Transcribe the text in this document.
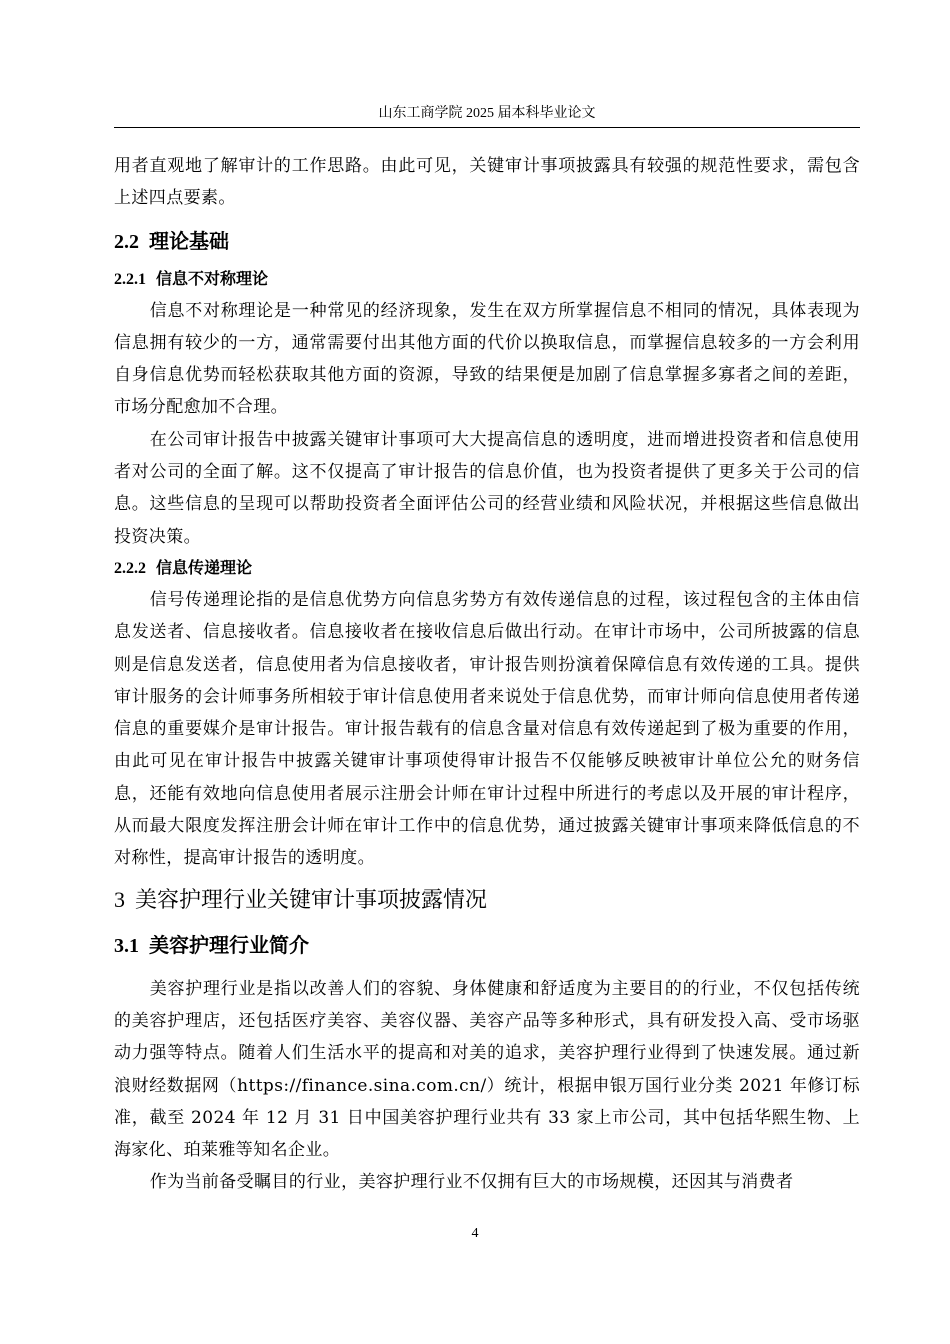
山东工商学院 2025 届本科毕业论文

用者直观地了解审计的工作思路。由此可见，关键审计事项披露具有较强的规范性要求，需包含上述四点要素。

2.2 理论基础
2.2.1 信息不对称理论

信息不对称理论是一种常见的经济现象，发生在双方所掌握信息不相同的情况，具体表现为信息拥有较少的一方，通常需要付出其他方面的代价以换取信息，而掌握信息较多的一方会利用自身信息优势而轻松获取其他方面的资源，导致的结果便是加剧了信息掌握多寡者之间的差距，市场分配愈加不合理。

在公司审计报告中披露关键审计事项可大大提高信息的透明度，进而增进投资者和信息使用者对公司的全面了解。这不仅提高了审计报告的信息价值，也为投资者提供了更多关于公司的信息。这些信息的呈现可以帮助投资者全面评估公司的经营业绩和风险状况，并根据这些信息做出投资决策。

2.2.2 信息传递理论

信号传递理论指的是信息优势方向信息劣势方有效传递信息的过程，该过程包含的主体由信息发送者、信息接收者。信息接收者在接收信息后做出行动。在审计市场中，公司所披露的信息则是信息发送者，信息使用者为信息接收者，审计报告则扮演着保障信息有效传递的工具。提供审计服务的会计师事务所相较于审计信息使用者来说处于信息优势，而审计师向信息使用者传递信息的重要媒介是审计报告。审计报告载有的信息含量对信息有效传递起到了极为重要的作用，由此可见在审计报告中披露关键审计事项使得审计报告不仅能够反映被审计单位公允的财务信息，还能有效地向信息使用者展示注册会计师在审计过程中所进行的考虑以及开展的审计程序，从而最大限度发挥注册会计师在审计工作中的信息优势，通过披露关键审计事项来降低信息的不对称性，提高审计报告的透明度。

3 美容护理行业关键审计事项披露情况
3.1 美容护理行业简介

美容护理行业是指以改善人们的容貌、身体健康和舒适度为主要目的的行业，不仅包括传统的美容护理店，还包括医疗美容、美容仪器、美容产品等多种形式，具有研发投入高、受市场驱动力强等特点。随着人们生活水平的提高和对美的追求，美容护理行业得到了快速发展。通过新浪财经数据网（https://finance.sina.com.cn/）统计，根据申银万国行业分类 2021 年修订标准，截至 2024 年 12 月 31 日中国美容护理行业共有 33 家上市公司，其中包括华熙生物、上海家化、珀莱雅等知名企业。

作为当前备受瞩目的行业，美容护理行业不仅拥有巨大的市场规模，还因其与消费者

4
